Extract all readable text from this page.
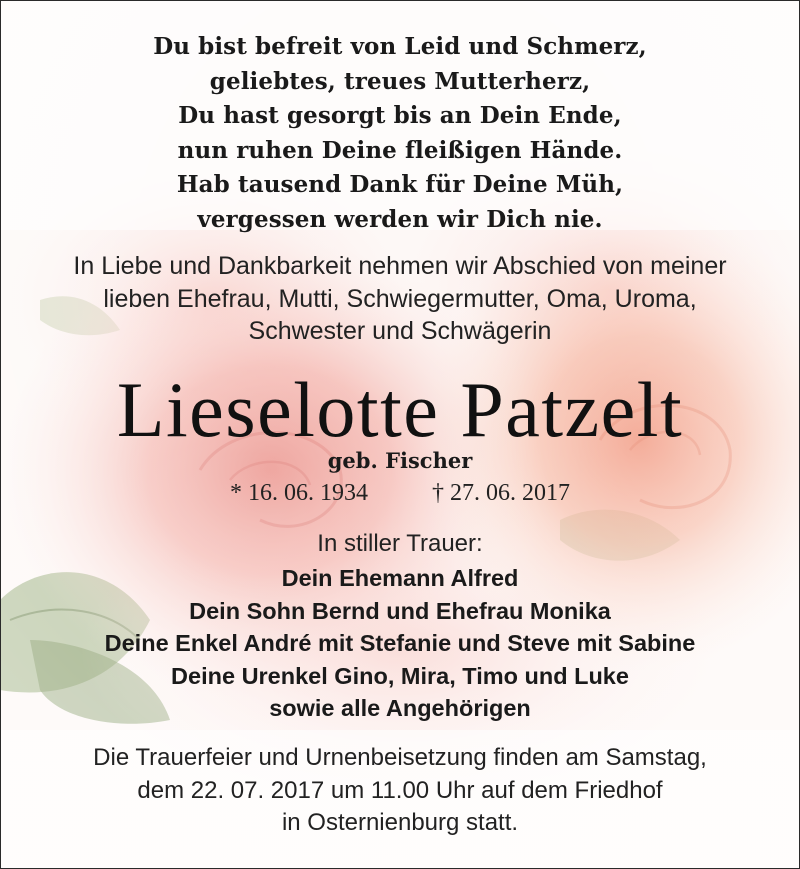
Du bist befreit von Leid und Schmerz,
geliebtes, treues Mutterherz,
Du hast gesorgt bis an Dein Ende,
nun ruhen Deine fleißigen Hände.
Hab tausend Dank für Deine Müh,
vergessen werden wir Dich nie.
In Liebe und Dankbarkeit nehmen wir Abschied von meiner
lieben Ehefrau, Mutti, Schwiegermutter, Oma, Uroma,
Schwester und Schwägerin
Lieselotte Patzelt
geb. Fischer
* 16. 06. 1934	† 27. 06. 2017
In stiller Trauer:
Dein Ehemann Alfred
Dein Sohn Bernd und Ehefrau Monika
Deine Enkel André mit Stefanie und Steve mit Sabine
Deine Urenkel Gino, Mira, Timo und Luke
sowie alle Angehörigen
Die Trauerfeier und Urnenbeisetzung finden am Samstag,
dem 22. 07. 2017 um 11.00 Uhr auf dem Friedhof
in Osternienburg statt.
